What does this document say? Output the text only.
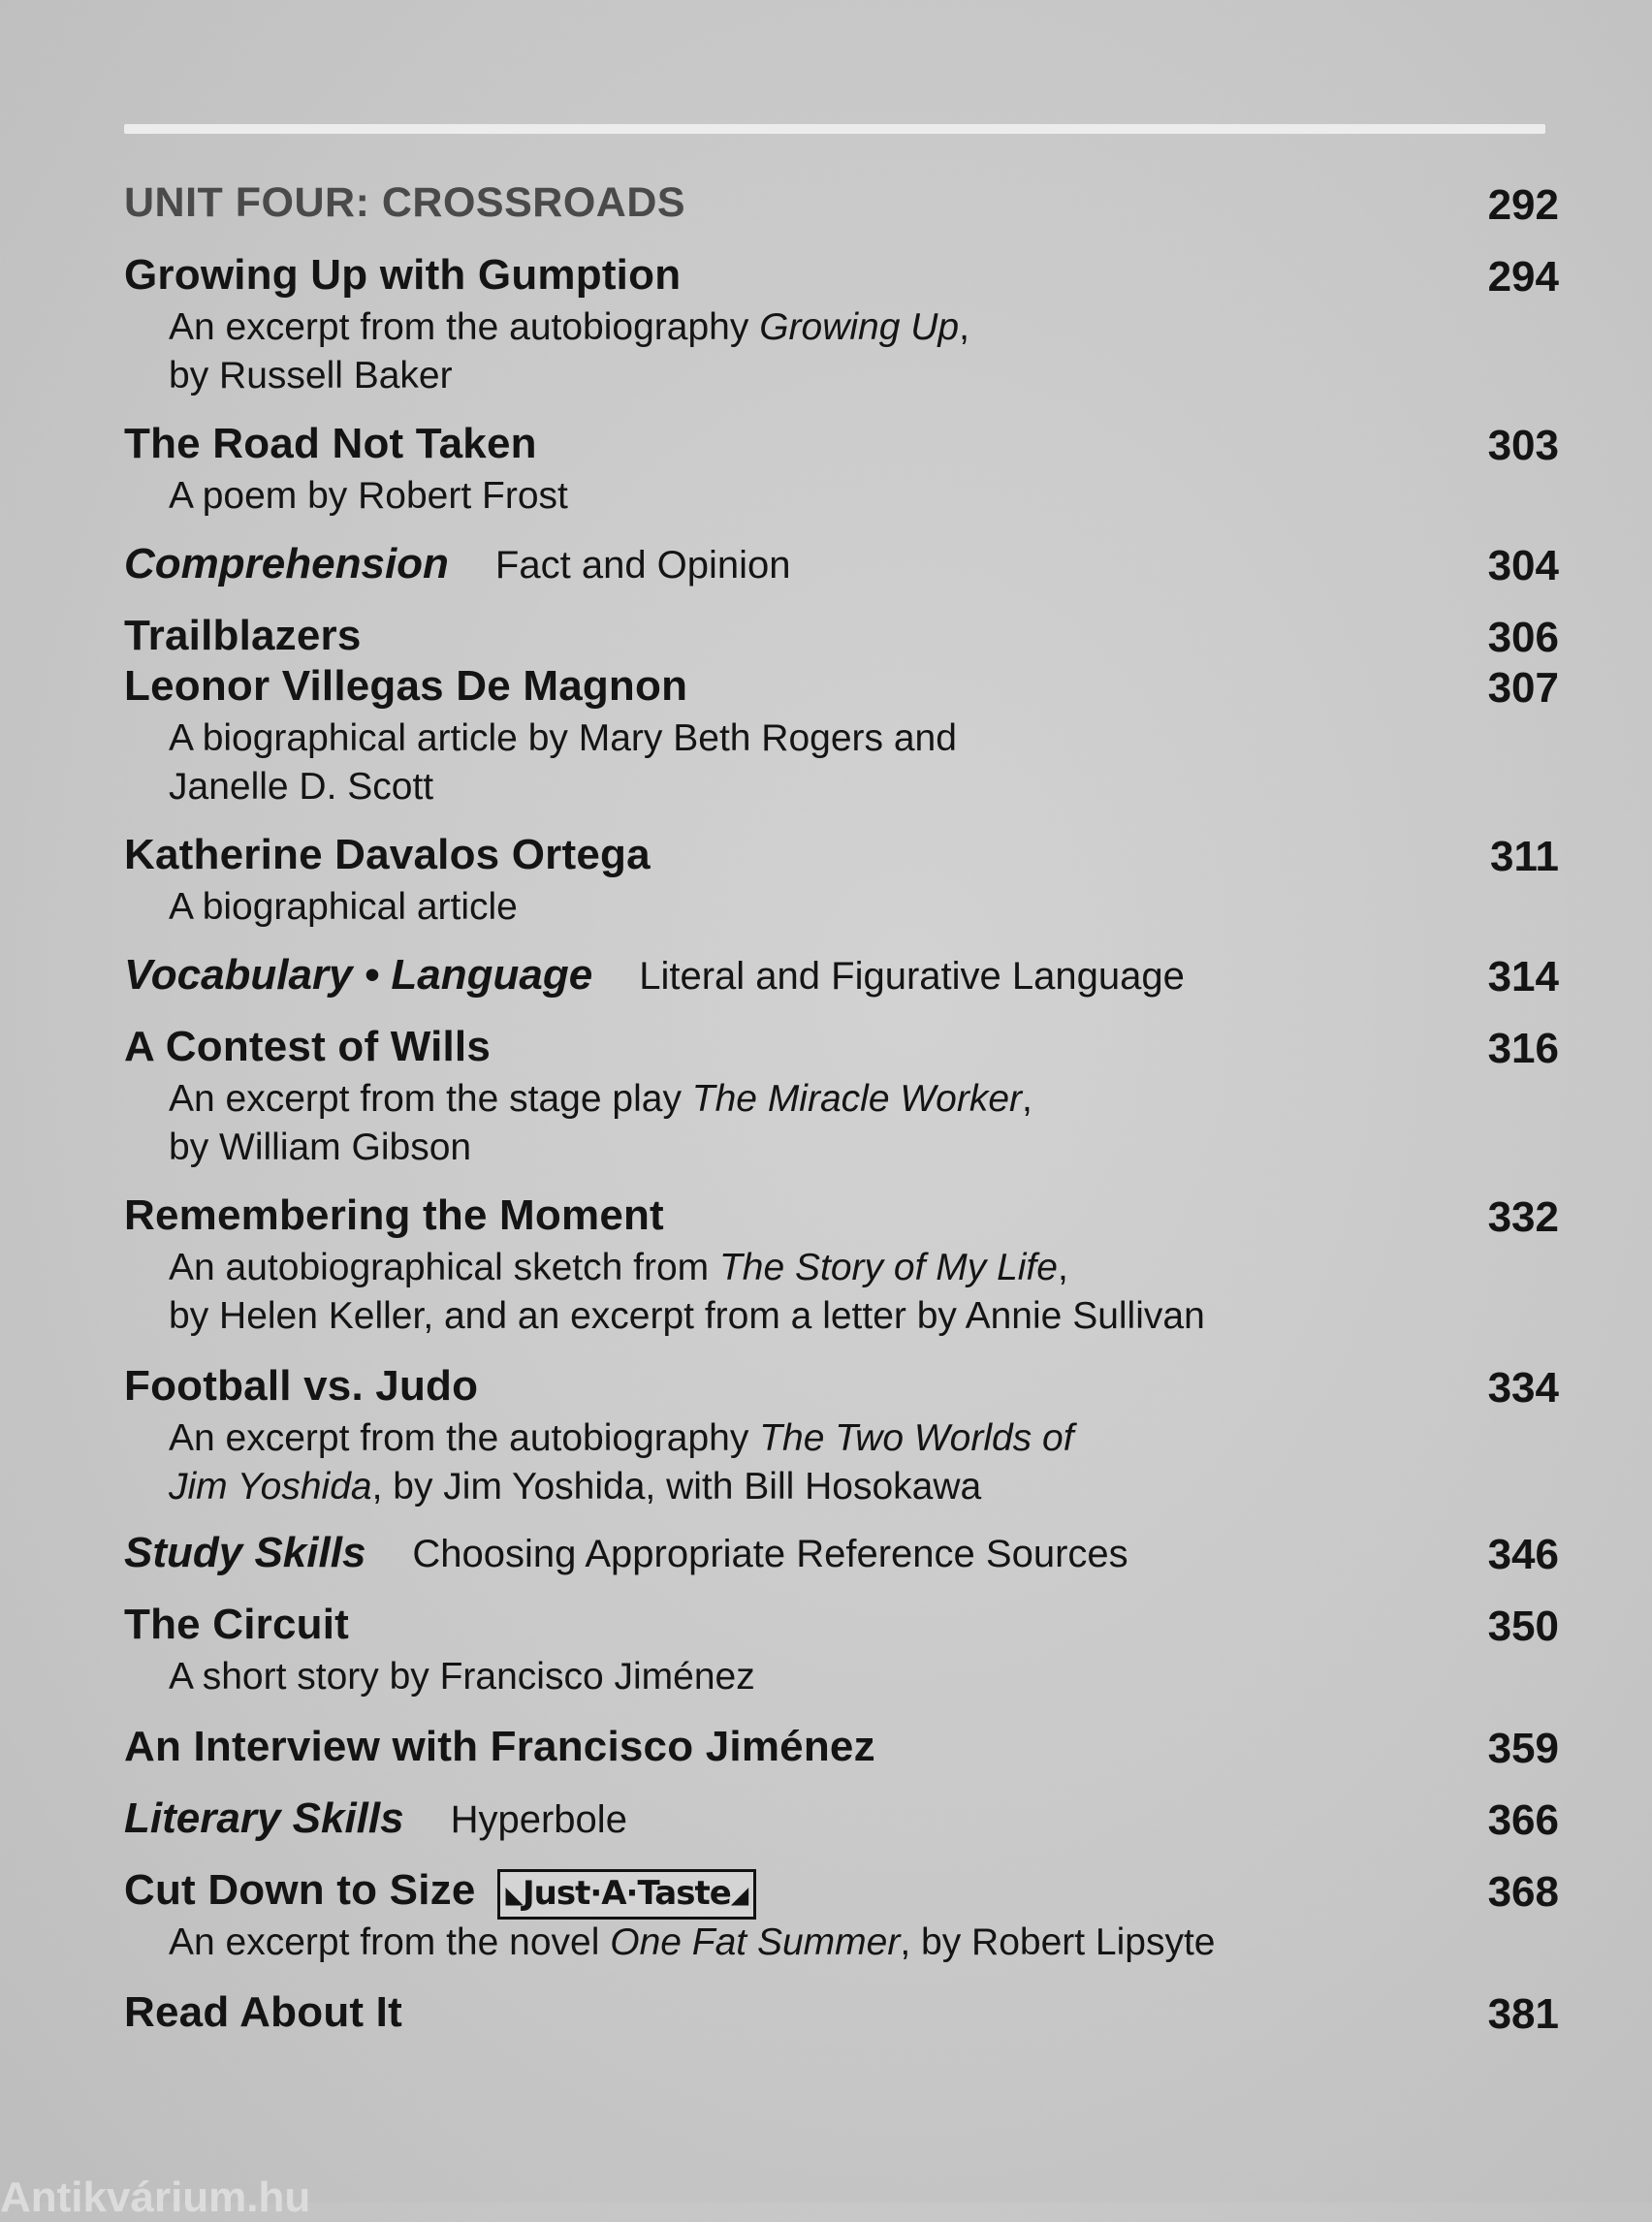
UNIT FOUR: CROSSROADS	292
Growing Up with Gumption	294
An excerpt from the autobiography Growing Up,
by Russell Baker
The Road Not Taken	303
A poem by Robert Frost
Comprehension Fact and Opinion	304
Trailblazers	306
Leonor Villegas De Magnon	307
A biographical article by Mary Beth Rogers and
Janelle D. Scott
Katherine Davalos Ortega	311
A biographical article
Vocabulary • Language Literal and Figurative Language	314
A Contest of Wills	316
An excerpt from the stage play The Miracle Worker,
by William Gibson
Remembering the Moment	332
An autobiographical sketch from The Story of My Life,
by Helen Keller, and an excerpt from a letter by Annie Sullivan
Football vs. Judo	334
An excerpt from the autobiography The Two Worlds of
Jim Yoshida, by Jim Yoshida, with Bill Hosokawa
Study Skills Choosing Appropriate Reference Sources	346
The Circuit	350
A short story by Francisco Jiménez
An Interview with Francisco Jiménez	359
Literary Skills Hyperbole	366
Cut Down to Size	◣Just·A·Taste◢	368
An excerpt from the novel One Fat Summer, by Robert Lipsyte
Read About It	381
Antikvárium.hu
